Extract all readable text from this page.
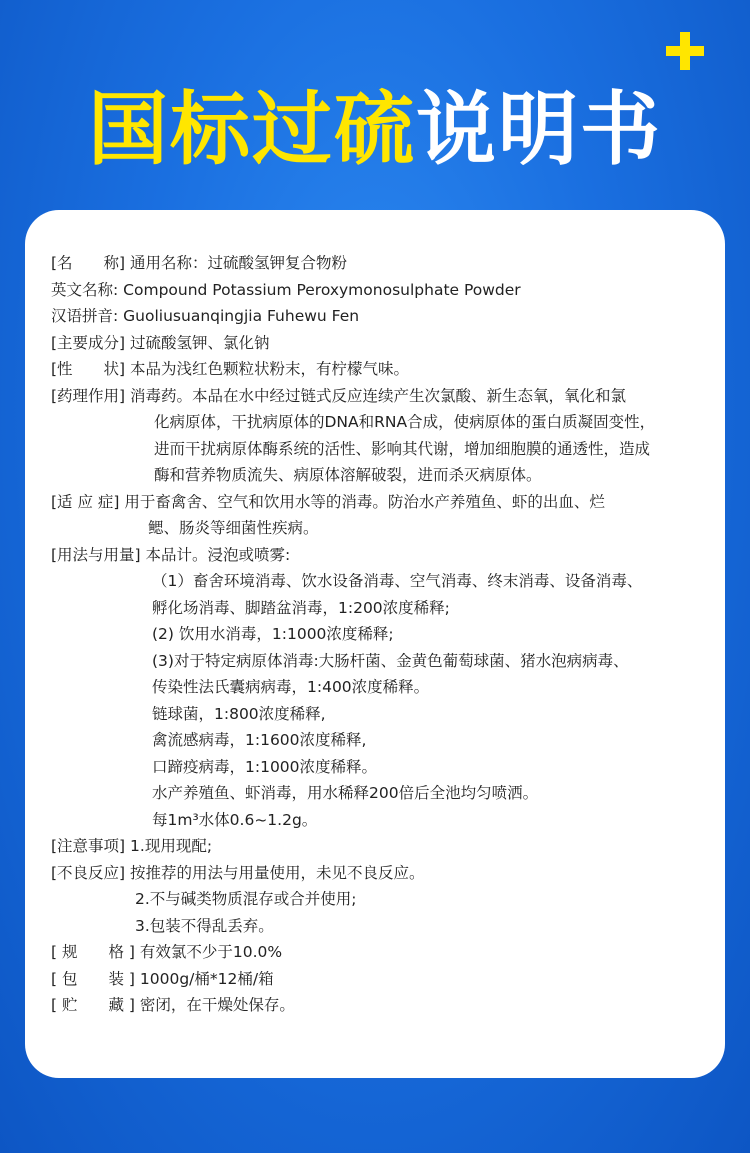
国标过硫说明书
[名　　称]
通用名称：过硫酸氢钾复合物粉
英文名称:
Compound Potassium Peroxymonosulphate Powder
汉语拼音:
Guoliusuanqingjia Fuhewu Fen
[主要成分]
过硫酸氢钾、氯化钠
[性　　状]
本品为浅红色颗粒状粉末，有柠檬气味。
[药理作用]
消毒药。本品在水中经过链式反应连续产生次氯酸、新生态氧，氧化和氯
化病原体，干扰病原体的DNA和RNA合成，使病原体的蛋白质凝固变性，
进而干扰病原体酶系统的活性、影响其代谢，增加细胞膜的通透性，造成
酶和营养物质流失、病原体溶解破裂，进而杀灭病原体。
[适 应 症]
用于畜禽舍、空气和饮用水等的消毒。防治水产养殖鱼、虾的出血、烂
鳃、肠炎等细菌性疾病。
[用法与用量]
本品计。浸泡或喷雾:
（1）畜舍环境消毒、饮水设备消毒、空气消毒、终末消毒、设备消毒、
孵化场消毒、脚踏盆消毒，1:200浓度稀释;
(2) 饮用水消毒，1:1000浓度稀释;
(3)对于特定病原体消毒:大肠杆菌、金黄色葡萄球菌、猪水泡病病毒、
传染性法氏囊病病毒，1:400浓度稀释。
链球菌，1:800浓度稀释,
禽流感病毒，1:1600浓度稀释,
口蹄疫病毒，1:1000浓度稀释。
水产养殖鱼、虾消毒，用水稀释200倍后全池均匀喷洒。
每1m³水体0.6~1.2g。
[注意事项]
1.现用现配;
[不良反应]
按推荐的用法与用量使用，未见不良反应。
2.不与碱类物质混存或合并使用;
3.包装不得乱丢弃。
[ 规　　格 ]
有效氯不少于10.0%
[ 包　　装 ]
1000g/桶*12桶/箱
[ 贮　　藏 ]
密闭，在干燥处保存。
